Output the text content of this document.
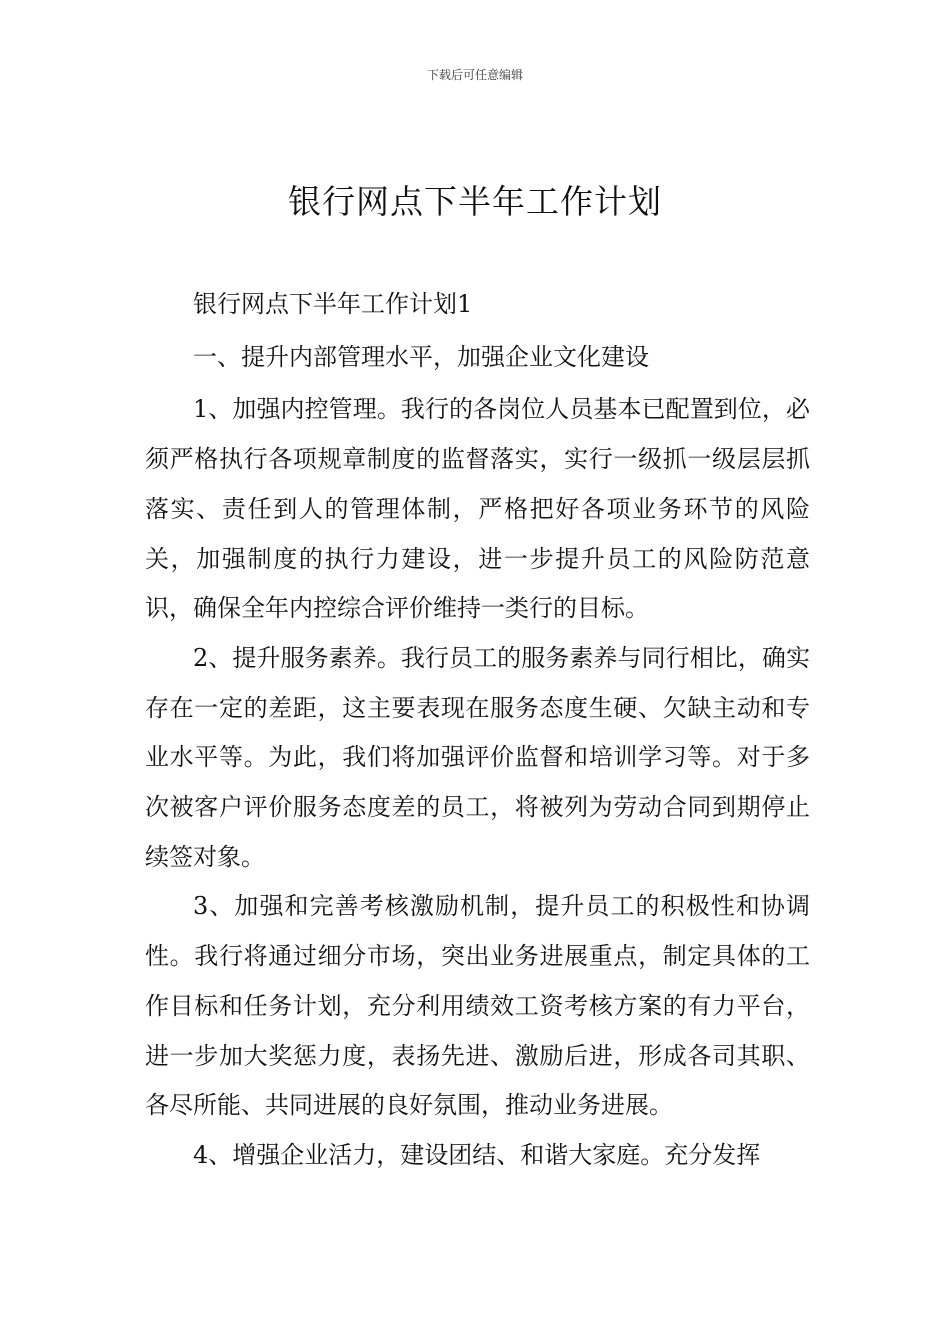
下载后可任意编辑
银行网点下半年工作计划

银行网点下半年工作计划1

一、提升内部管理水平，加强企业文化建设

1、加强内控管理。我行的各岗位人员基本已配置到位，必须严格执行各项规章制度的监督落实，实行一级抓一级层层抓落实、责任到人的管理体制，严格把好各项业务环节的风险关，加强制度的执行力建设，进一步提升员工的风险防范意识，确保全年内控综合评价维持一类行的目标。

2、提升服务素养。我行员工的服务素养与同行相比，确实存在一定的差距，这主要表现在服务态度生硬、欠缺主动和专业水平等。为此，我们将加强评价监督和培训学习等。对于多次被客户评价服务态度差的员工，将被列为劳动合同到期停止续签对象。

3、加强和完善考核激励机制，提升员工的积极性和协调性。我行将通过细分市场，突出业务进展重点，制定具体的工作目标和任务计划，充分利用绩效工资考核方案的有力平台，进一步加大奖惩力度，表扬先进、激励后进，形成各司其职、各尽所能、共同进展的良好氛围，推动业务进展。

4、增强企业活力，建设团结、和谐大家庭。充分发挥
